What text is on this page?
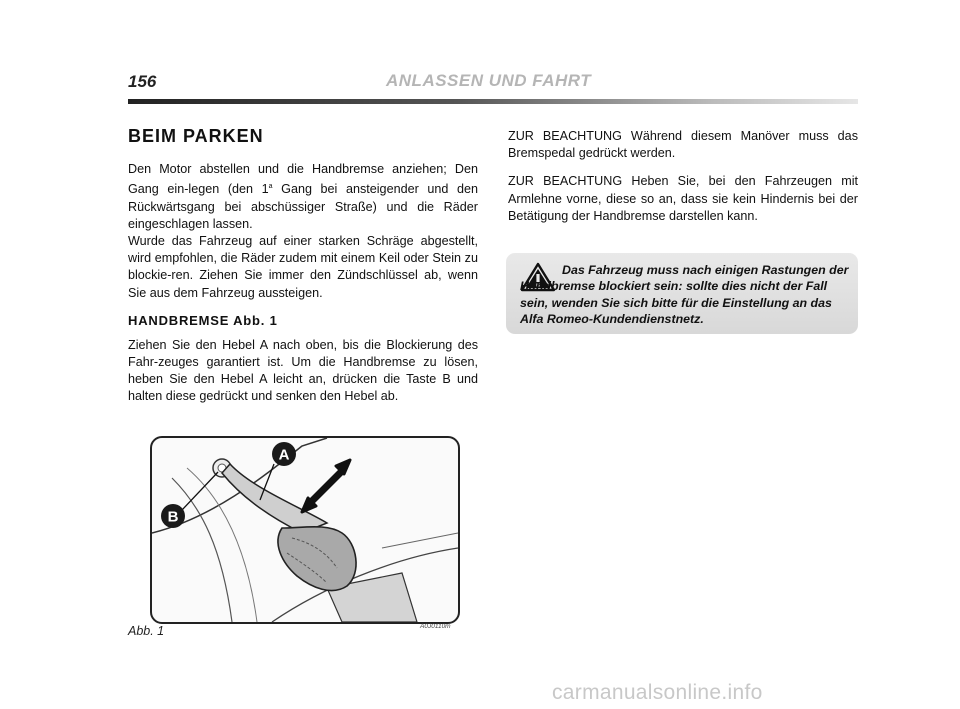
156	ANLASSEN UND FAHRT
BEIM PARKEN

Den Motor abstellen und die Handbremse anziehen; Den Gang ein-legen (den 1$^a$ Gang bei ansteigender und den Rückwärtsgang bei abschüssiger Straße) und die Räder eingeschlagen lassen.

Wurde das Fahrzeug auf einer starken Schräge abgestellt, wird empfohlen, die Räder zudem mit einem Keil oder Stein zu blockie-ren. Ziehen Sie immer den Zündschlüssel ab, wenn Sie aus dem Fahrzeug aussteigen.

HANDBREMSE Abb. 1

Ziehen Sie den Hebel A nach oben, bis die Blockierung des Fahr-zeuges garantiert ist. Um die Handbremse zu lösen, heben Sie den Hebel A leicht an, drücken die Taste B und halten diese gedrückt und senken den Hebel ab.

ZUR BEACHTUNG Während diesem Manöver muss das Bremspedal gedrückt werden.

ZUR BEACHTUNG Heben Sie, bei den Fahrzeugen mit Armlehne vorne, diese so an, dass sie kein Hindernis bei der Betätigung der Handbremse darstellen kann.

Das Fahrzeug muss nach einigen Rastungen der Handbremse blockiert sein: sollte dies nicht der Fall sein, wenden Sie sich bitte für die Einstellung an das Alfa Romeo-Kundendienstnetz.
A
B
Abb. 1	A0J0110m
carmanualsonline.info
